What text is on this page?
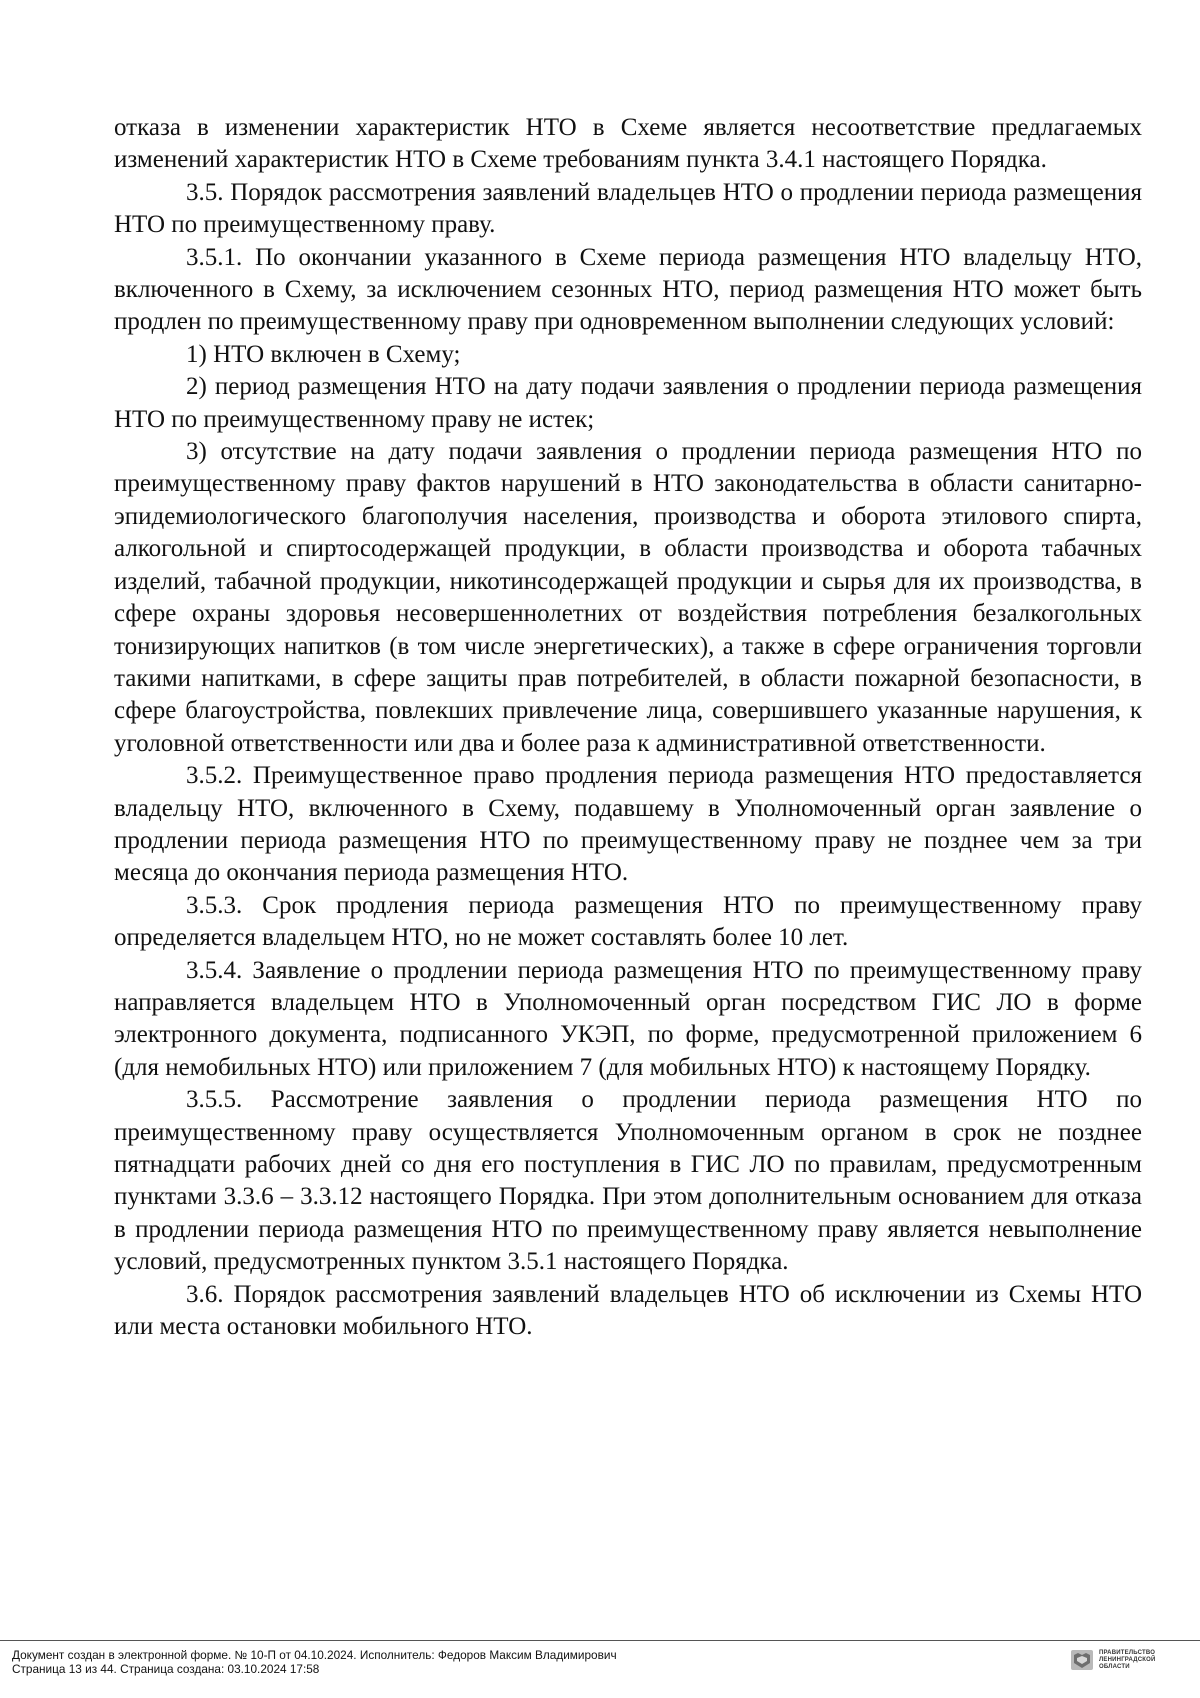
отказа в изменении характеристик НТО в Схеме является несоответствие предлагаемых изменений характеристик НТО в Схеме требованиям пункта 3.4.1 настоящего Порядка.

3.5. Порядок рассмотрения заявлений владельцев НТО о продлении периода размещения НТО по преимущественному праву.

3.5.1. По окончании указанного в Схеме периода размещения НТО владельцу НТО, включенного в Схему, за исключением сезонных НТО, период размещения НТО может быть продлен по преимущественному праву при одновременном выполнении следующих условий:

1) НТО включен в Схему;

2) период размещения НТО на дату подачи заявления о продлении периода размещения НТО по преимущественному праву не истек;

3) отсутствие на дату подачи заявления о продлении периода размещения НТО по преимущественному праву фактов нарушений в НТО законодательства в области санитарно-эпидемиологического благополучия населения, производства и оборота этилового спирта, алкогольной и спиртосодержащей продукции, в области производства и оборота табачных изделий, табачной продукции, никотинсодержащей продукции и сырья для их производства, в сфере охраны здоровья несовершеннолетних от воздействия потребления безалкогольных тонизирующих напитков (в том числе энергетических), а также в сфере ограничения торговли такими напитками, в сфере защиты прав потребителей, в области пожарной безопасности, в сфере благоустройства, повлекших привлечение лица, совершившего указанные нарушения, к уголовной ответственности или два и более раза к административной ответственности.

3.5.2. Преимущественное право продления периода размещения НТО предоставляется владельцу НТО, включенного в Схему, подавшему в Уполномоченный орган заявление о продлении периода размещения НТО по преимущественному праву не позднее чем за три месяца до окончания периода размещения НТО.

3.5.3. Срок продления периода размещения НТО по преимущественному праву определяется владельцем НТО, но не может составлять более 10 лет.

3.5.4. Заявление о продлении периода размещения НТО по преимущественному праву направляется владельцем НТО в Уполномоченный орган посредством ГИС ЛО в форме электронного документа, подписанного УКЭП, по форме, предусмотренной приложением 6 (для немобильных НТО) или приложением 7 (для мобильных НТО) к настоящему Порядку.

3.5.5. Рассмотрение заявления о продлении периода размещения НТО по преимущественному праву осуществляется Уполномоченным органом в срок не позднее пятнадцати рабочих дней со дня его поступления в ГИС ЛО по правилам, предусмотренным пунктами 3.3.6 – 3.3.12 настоящего Порядка. При этом дополнительным основанием для отказа в продлении периода размещения НТО по преимущественному праву является невыполнение условий, предусмотренных пунктом 3.5.1 настоящего Порядка.

3.6. Порядок рассмотрения заявлений владельцев НТО об исключении из Схемы НТО или места остановки мобильного НТО.

Документ создан в электронной форме. № 10-П от 04.10.2024. Исполнитель: Федоров Максим Владимирович
Страница 13 из 44. Страница создана: 03.10.2024 17:58
ПРАВИТЕЛЬСТВО ЛЕНИНГРАДСКОЙ ОБЛАСТИ
